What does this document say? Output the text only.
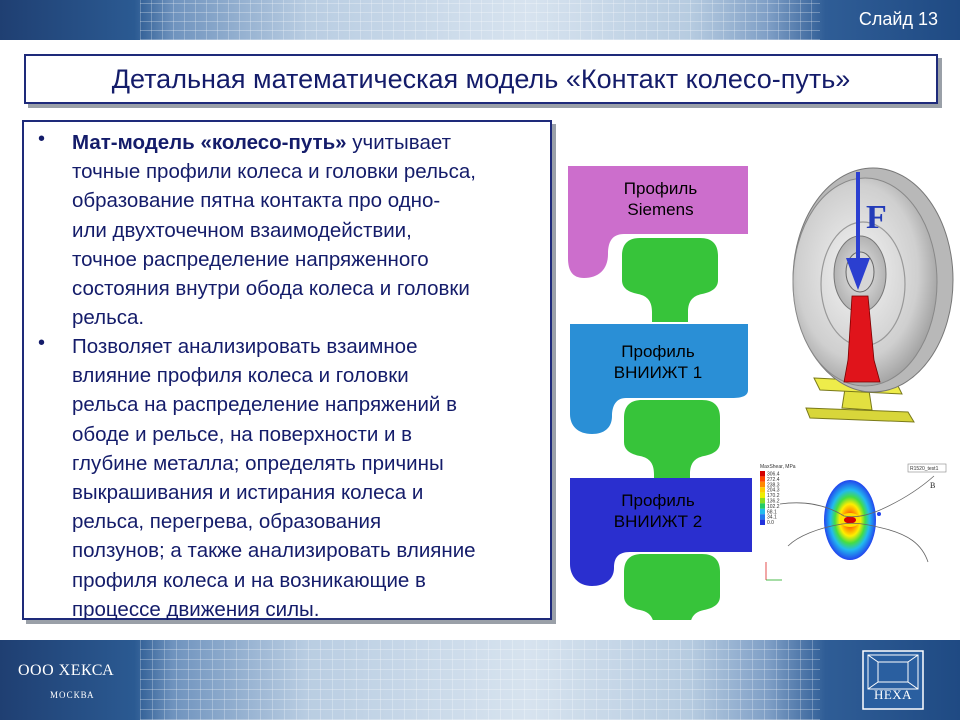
Слайд 13
Детальная математическая модель «Контакт колесо-путь»
• Мат-модель «колесо-путь» учитывает
точные профили колеса и головки рельса,
образование пятна контакта про одно-
или двухточечном взаимодействии,
точное распределение напряженного
состояния внутри обода колеса и головки
рельса.
• Позволяет анализировать взаимное
влияние профиля колеса и головки
рельса на распределение напряжений в
ободе и рельсе, на поверхности и в
глубине металла; определять причины
выкрашивания и истирания колеса и
рельса, перегрева, образования
ползунов; а также анализировать влияние
профиля колеса и на возникающие в
процессе движения силы.
Профиль
Siemens
Профиль
ВНИИЖТ 1
Профиль
ВНИИЖТ 2
F
MaxShear, MPa
306.4
272.4
238.3
204.3
170.2
136.2
102.2
68.1
34.1
0.0
R1520_test1
B
ООО ХЕКСА
МОСКВА	HEXA
